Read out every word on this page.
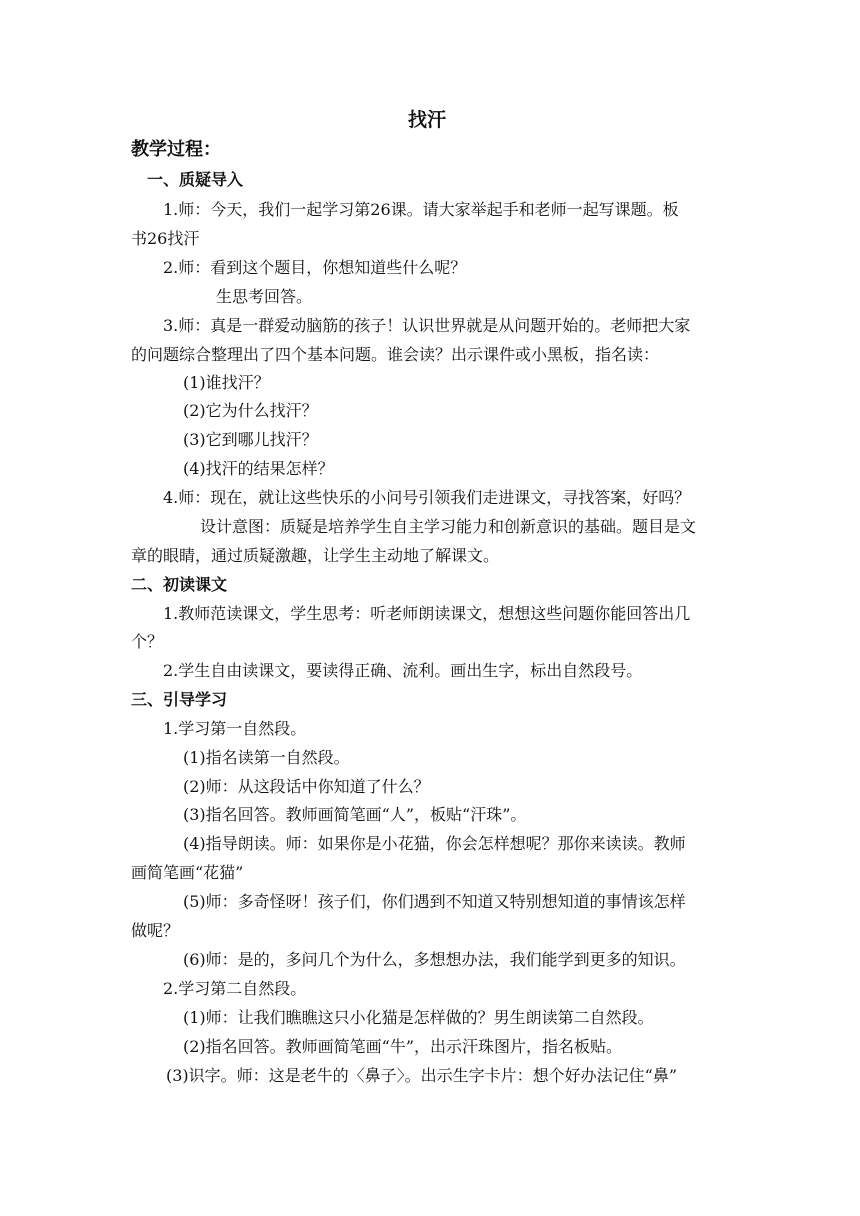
找汗

教学过程：

一、质疑导入

1.师：今天，我们一起学习第26课。请大家举起手和老师一起写课题。板

书26找汗

2.师：看到这个题目，你想知道些什么呢？

生思考回答。

3.师：真是一群爱动脑筋的孩子！认识世界就是从问题开始的。老师把大家

的问题综合整理出了四个基本问题。谁会读？出示课件或小黑板，指名读：

(1)谁找汗？

(2)它为什么找汗？

(3)它到哪儿找汗？

(4)找汗的结果怎样？

4.师：现在，就让这些快乐的小问号引领我们走进课文，寻找答案，好吗？

设计意图：质疑是培养学生自主学习能力和创新意识的基础。题目是文

章的眼睛，通过质疑激趣，让学生主动地了解课文。

二、初读课文

1.教师范读课文，学生思考：听老师朗读课文，想想这些问题你能回答出几

个？

2.学生自由读课文，要读得正确、流利。画出生字，标出自然段号。

三、引导学习

1.学习第一自然段。

(1)指名读第一自然段。

(2)师：从这段话中你知道了什么？

(3)指名回答。教师画简笔画“人”，板贴“汗珠”。

(4)指导朗读。师：如果你是小花猫，你会怎样想呢？那你来读读。教师

画简笔画“花猫”

(5)师：多奇怪呀！孩子们，你们遇到不知道又特别想知道的事情该怎样

做呢？

(6)师：是的，多问几个为什么，多想想办法，我们能学到更多的知识。

2.学习第二自然段。

(1)师：让我们瞧瞧这只小化猫是怎样做的？男生朗读第二自然段。

(2)指名回答。教师画简笔画“牛”，出示汗珠图片，指名板贴。

(3)识字。师：这是老牛的〈鼻子〉。出示生字卡片：想个好办法记住“鼻”
